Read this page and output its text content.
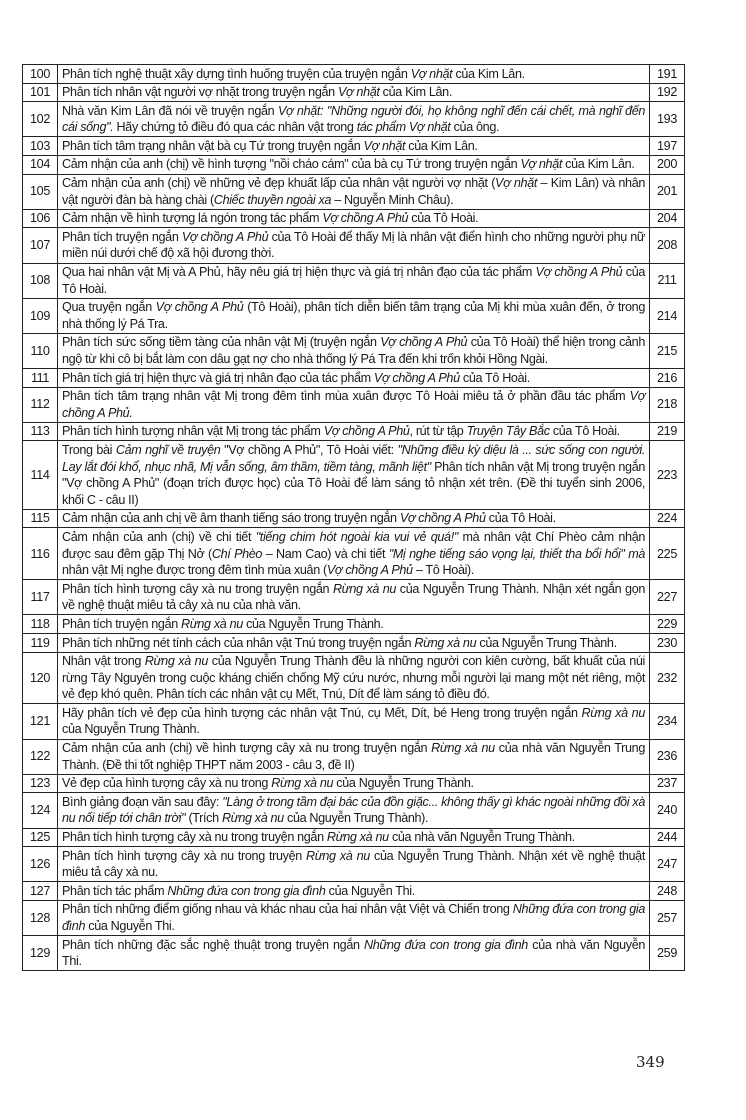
100	Phân tích nghệ thuật xây dựng tình huống truyện của truyện ngắn Vợ nhặt của Kim Lân.	191
101	Phân tích nhân vật người vợ nhặt trong truyện ngắn Vợ nhặt của Kim Lân.	192
102	Nhà văn Kim Lân đã nói về truyện ngắn Vợ nhặt: "Những người đói, họ không nghĩ đến cái chết, mà nghĩ đến cái sống". Hãy chứng tỏ điều đó qua các nhân vật trong tác phẩm Vợ nhặt của ông.	193
103	Phân tích tâm trạng nhân vật bà cụ Tứ trong truyện ngắn Vợ nhặt của Kim Lân.	197
104	Cảm nhận của anh (chị) về hình tượng "nồi cháo cám" của bà cụ Tứ trong truyện ngắn Vợ nhặt của Kim Lân.	200
105	Cảm nhận của anh (chị) về những vẻ đẹp khuất lấp của nhân vật người vợ nhặt (Vợ nhặt – Kim Lân) và nhân vật người đàn bà hàng chài (Chiếc thuyền ngoài xa – Nguyễn Minh Châu).	201
106	Cảm nhận về hình tượng lá ngón trong tác phẩm Vợ chồng A Phủ của Tô Hoài.	204
107	Phân tích truyện ngắn Vợ chồng A Phủ của Tô Hoài để thấy Mị là nhân vật điển hình cho những người phụ nữ miền núi dưới chế độ xã hội đương thời.	208
108	Qua hai nhân vật Mị và A Phủ, hãy nêu giá trị hiện thực và giá trị nhân đạo của tác phẩm Vợ chồng A Phủ của Tô Hoài.	211
109	Qua truyện ngắn Vợ chồng A Phủ (Tô Hoài), phân tích diễn biến tâm trạng của Mị khi mùa xuân đến, ở trong nhà thống lý Pá Tra.	214
110	Phân tích sức sống tiềm tàng của nhân vật Mị (truyện ngắn Vợ chồng A Phủ của Tô Hoài) thể hiện trong cảnh ngộ từ khi cô bị bắt làm con dâu gạt nợ cho nhà thống lý Pá Tra đến khi trốn khỏi Hồng Ngài.	215
111	Phân tích giá trị hiện thực và giá trị nhân đạo của tác phẩm Vợ chồng A Phủ của Tô Hoài.	216
112	Phân tích tâm trạng nhân vật Mị trong đêm tình mùa xuân được Tô Hoài miêu tả ở phần đầu tác phẩm Vợ chồng A Phủ.	218
113	Phân tích hình tượng nhân vật Mị trong tác phẩm Vợ chồng A Phủ, rút từ tập Truyện Tây Bắc của Tô Hoài.	219
114	Trong bài Cảm nghĩ về truyện "Vợ chồng A Phủ", Tô Hoài viết: "Những điều kỳ diệu là ... sức sống con người. Lay lắt đói khổ, nhục nhã, Mị vẫn sống, âm thầm, tiềm tàng, mãnh liệt" Phân tích nhân vật Mị trong truyện ngắn "Vợ chồng A Phủ" (đoạn trích được học) của Tô Hoài để làm sáng tỏ nhận xét trên. (Đề thi tuyển sinh 2006, khối C - câu II)	223
115	Cảm nhận của anh chị về âm thanh tiếng sáo trong truyện ngắn Vợ chồng A Phủ của Tô Hoài.	224
116	Cảm nhận của anh (chị) về chi tiết "tiếng chim hót ngoài kia vui vẻ quá!" mà nhân vật Chí Phèo cảm nhận được sau đêm gặp Thị Nở (Chí Phèo – Nam Cao) và chi tiết "Mị nghe tiếng sáo vọng lại, thiết tha bổi hổi" mà nhân vật Mị nghe được trong đêm tình mùa xuân (Vợ chồng A Phủ – Tô Hoài).	225
117	Phân tích hình tượng cây xà nu trong truyện ngắn Rừng xà nu của Nguyễn Trung Thành. Nhận xét ngắn gọn về nghệ thuật miêu tả cây xà nu của nhà văn.	227
118	Phân tích truyện ngắn Rừng xà nu của Nguyễn Trung Thành.	229
119	Phân tích những nét tính cách của nhân vật Tnú trong truyện ngắn Rừng xà nu của Nguyễn Trung Thành.	230
120	Nhân vật trong Rừng xà nu của Nguyễn Trung Thành đều là những người con kiên cường, bất khuất của núi rừng Tây Nguyên trong cuộc kháng chiến chống Mỹ cứu nước, nhưng mỗi người lại mang một nét riêng, một vẻ đẹp khó quên. Phân tích các nhân vật cụ Mết, Tnú, Dít để làm sáng tỏ điều đó.	232
121	Hãy phân tích vẻ đẹp của hình tượng các nhân vật Tnú, cụ Mết, Dít, bé Heng trong truyện ngắn Rừng xà nu của Nguyễn Trung Thành.	234
122	Cảm nhận của anh (chị) về hình tượng cây xà nu trong truyện ngắn Rừng xà nu của nhà văn Nguyễn Trung Thành. (Đề thi tốt nghiệp THPT năm 2003 - câu 3, đề II)	236
123	Vẻ đẹp của hình tượng cây xà nu trong Rừng xà nu của Nguyễn Trung Thành.	237
124	Bình giảng đoạn văn sau đây: "Làng ở trong tầm đại bác của đồn giặc... không thấy gì khác ngoài những đồi xà nu nối tiếp tới chân trời" (Trích Rừng xà nu của Nguyễn Trung Thành).	240
125	Phân tích hình tượng cây xà nu trong truyện ngắn Rừng xà nu của nhà văn Nguyễn Trung Thành.	244
126	Phân tích hình tượng cây xà nu trong truyện Rừng xà nu của Nguyễn Trung Thành. Nhận xét về nghệ thuật miêu tả cây xà nu.	247
127	Phân tích tác phẩm Những đứa con trong gia đình của Nguyễn Thi.	248
128	Phân tích những điểm giống nhau và khác nhau của hai nhân vật Việt và Chiến trong Những đứa con trong gia đình của Nguyễn Thi.	257
129	Phân tích những đặc sắc nghệ thuật trong truyện ngắn Những đứa con trong gia đình của nhà văn Nguyễn Thi.	259
349
